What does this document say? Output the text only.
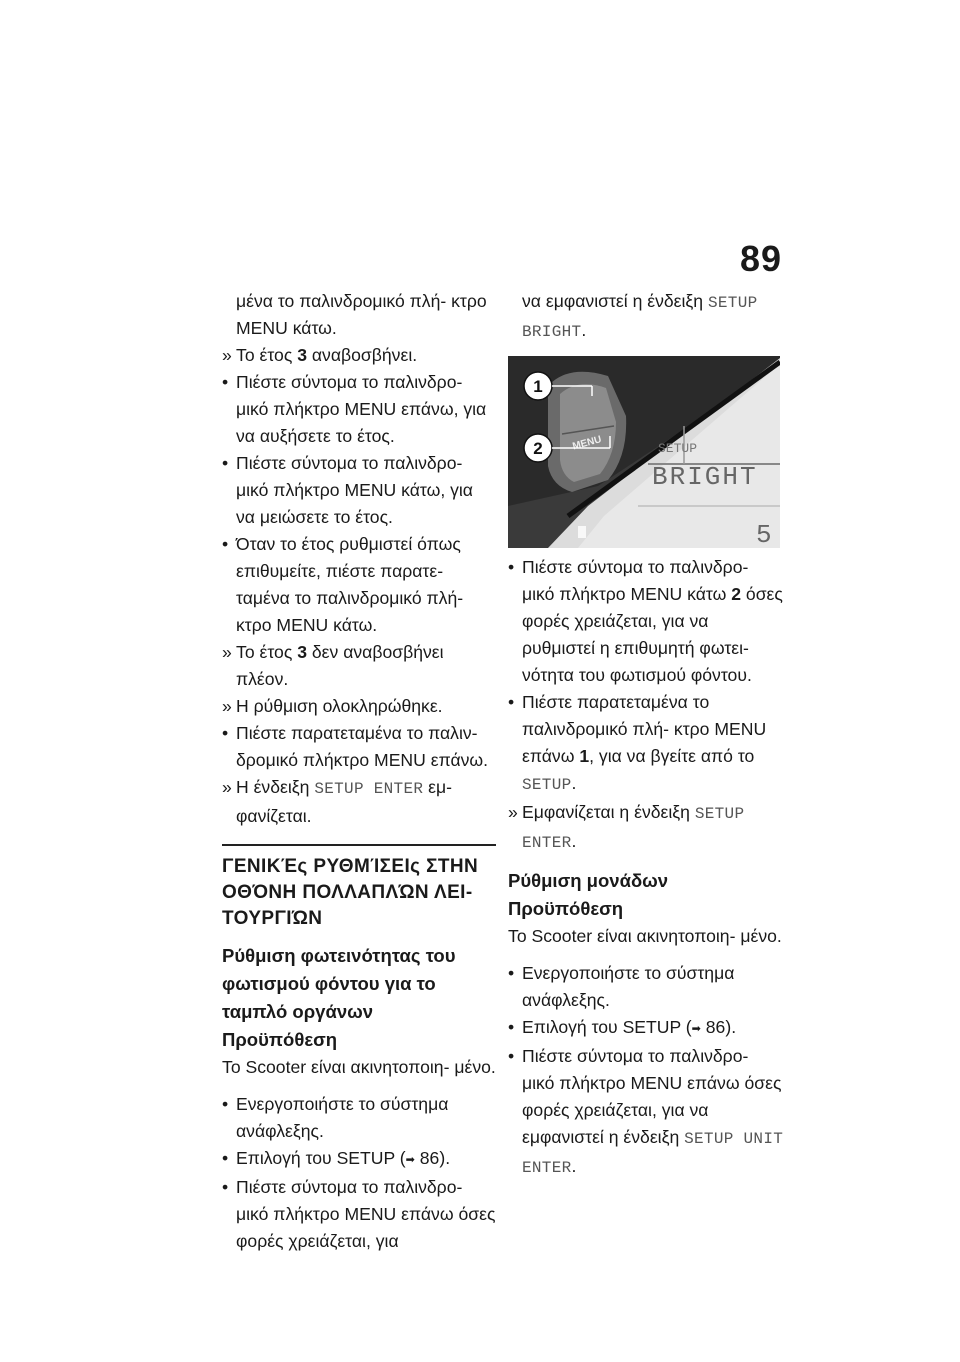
89
μένα το παλινδρομικό πλή- κτρο MENU κάτω.
» Το έτος 3 αναβοσβήνει.
• Πιέστε σύντομα το παλινδρο- μικό πλήκτρο MENU επάνω, για να αυξήσετε το έτος.
• Πιέστε σύντομα το παλινδρο- μικό πλήκτρο MENU κάτω, για να μειώσετε το έτος.
• Όταν το έτος ρυθμιστεί όπως επιθυμείτε, πιέστε παρατε- ταμένα το παλινδρομικό πλή- κτρο MENU κάτω.
» Το έτος 3 δεν αναβοσβήνει πλέον.
» Η ρύθμιση ολοκληρώθηκε.
• Πιέστε παρατεταμένα το παλιν- δρομικό πλήκτρο MENU επάνω.
» Η ένδειξη SETUP ENTER εμ- φανίζεται.
ΓΕΝΙΚΈς ΡΥΘΜΊΣΕΙς ΣΤΗΝ ΟΘΌΝΗ ΠΟΛΛΑΠΛΏΝ ΛΕΙ- ΤΟΥΡΓΙΏΝ
Ρύθμιση φωτεινότητας του φωτισμού φόντου για το ταμπλό οργάνων
Προϋπόθεση
Το Scooter είναι ακινητοποιη- μένο.
• Ενεργοποιήστε το σύστημα ανάφλεξης.
• Επιλογή του SETUP (➡ 86).
• Πιέστε σύντομα το παλινδρο- μικό πλήκτρο MENU επάνω όσες φορές χρειάζεται, για
να εμφανιστεί η ένδειξη SETUP BRIGHT.
SETUP
BRIGHT
5
MENU
1
2
• Πιέστε σύντομα το παλινδρο- μικό πλήκτρο MENU κάτω 2 όσες φορές χρειάζεται, για να ρυθμιστεί η επιθυμητή φωτει- νότητα του φωτισμού φόντου.
• Πιέστε παρατεταμένα το παλινδρομικό πλή- κτρο MENU επάνω 1, για να βγείτε από το SETUP.
» Εμφανίζεται η ένδειξη SETUP ENTER.
Ρύθμιση μονάδων
Προϋπόθεση
Το Scooter είναι ακινητοποιη- μένο.
• Ενεργοποιήστε το σύστημα ανάφλεξης.
• Επιλογή του SETUP (➡ 86).
• Πιέστε σύντομα το παλινδρο- μικό πλήκτρο MENU επάνω όσες φορές χρειάζεται, για να εμφανιστεί η ένδειξη SETUP UNIT ENTER.
